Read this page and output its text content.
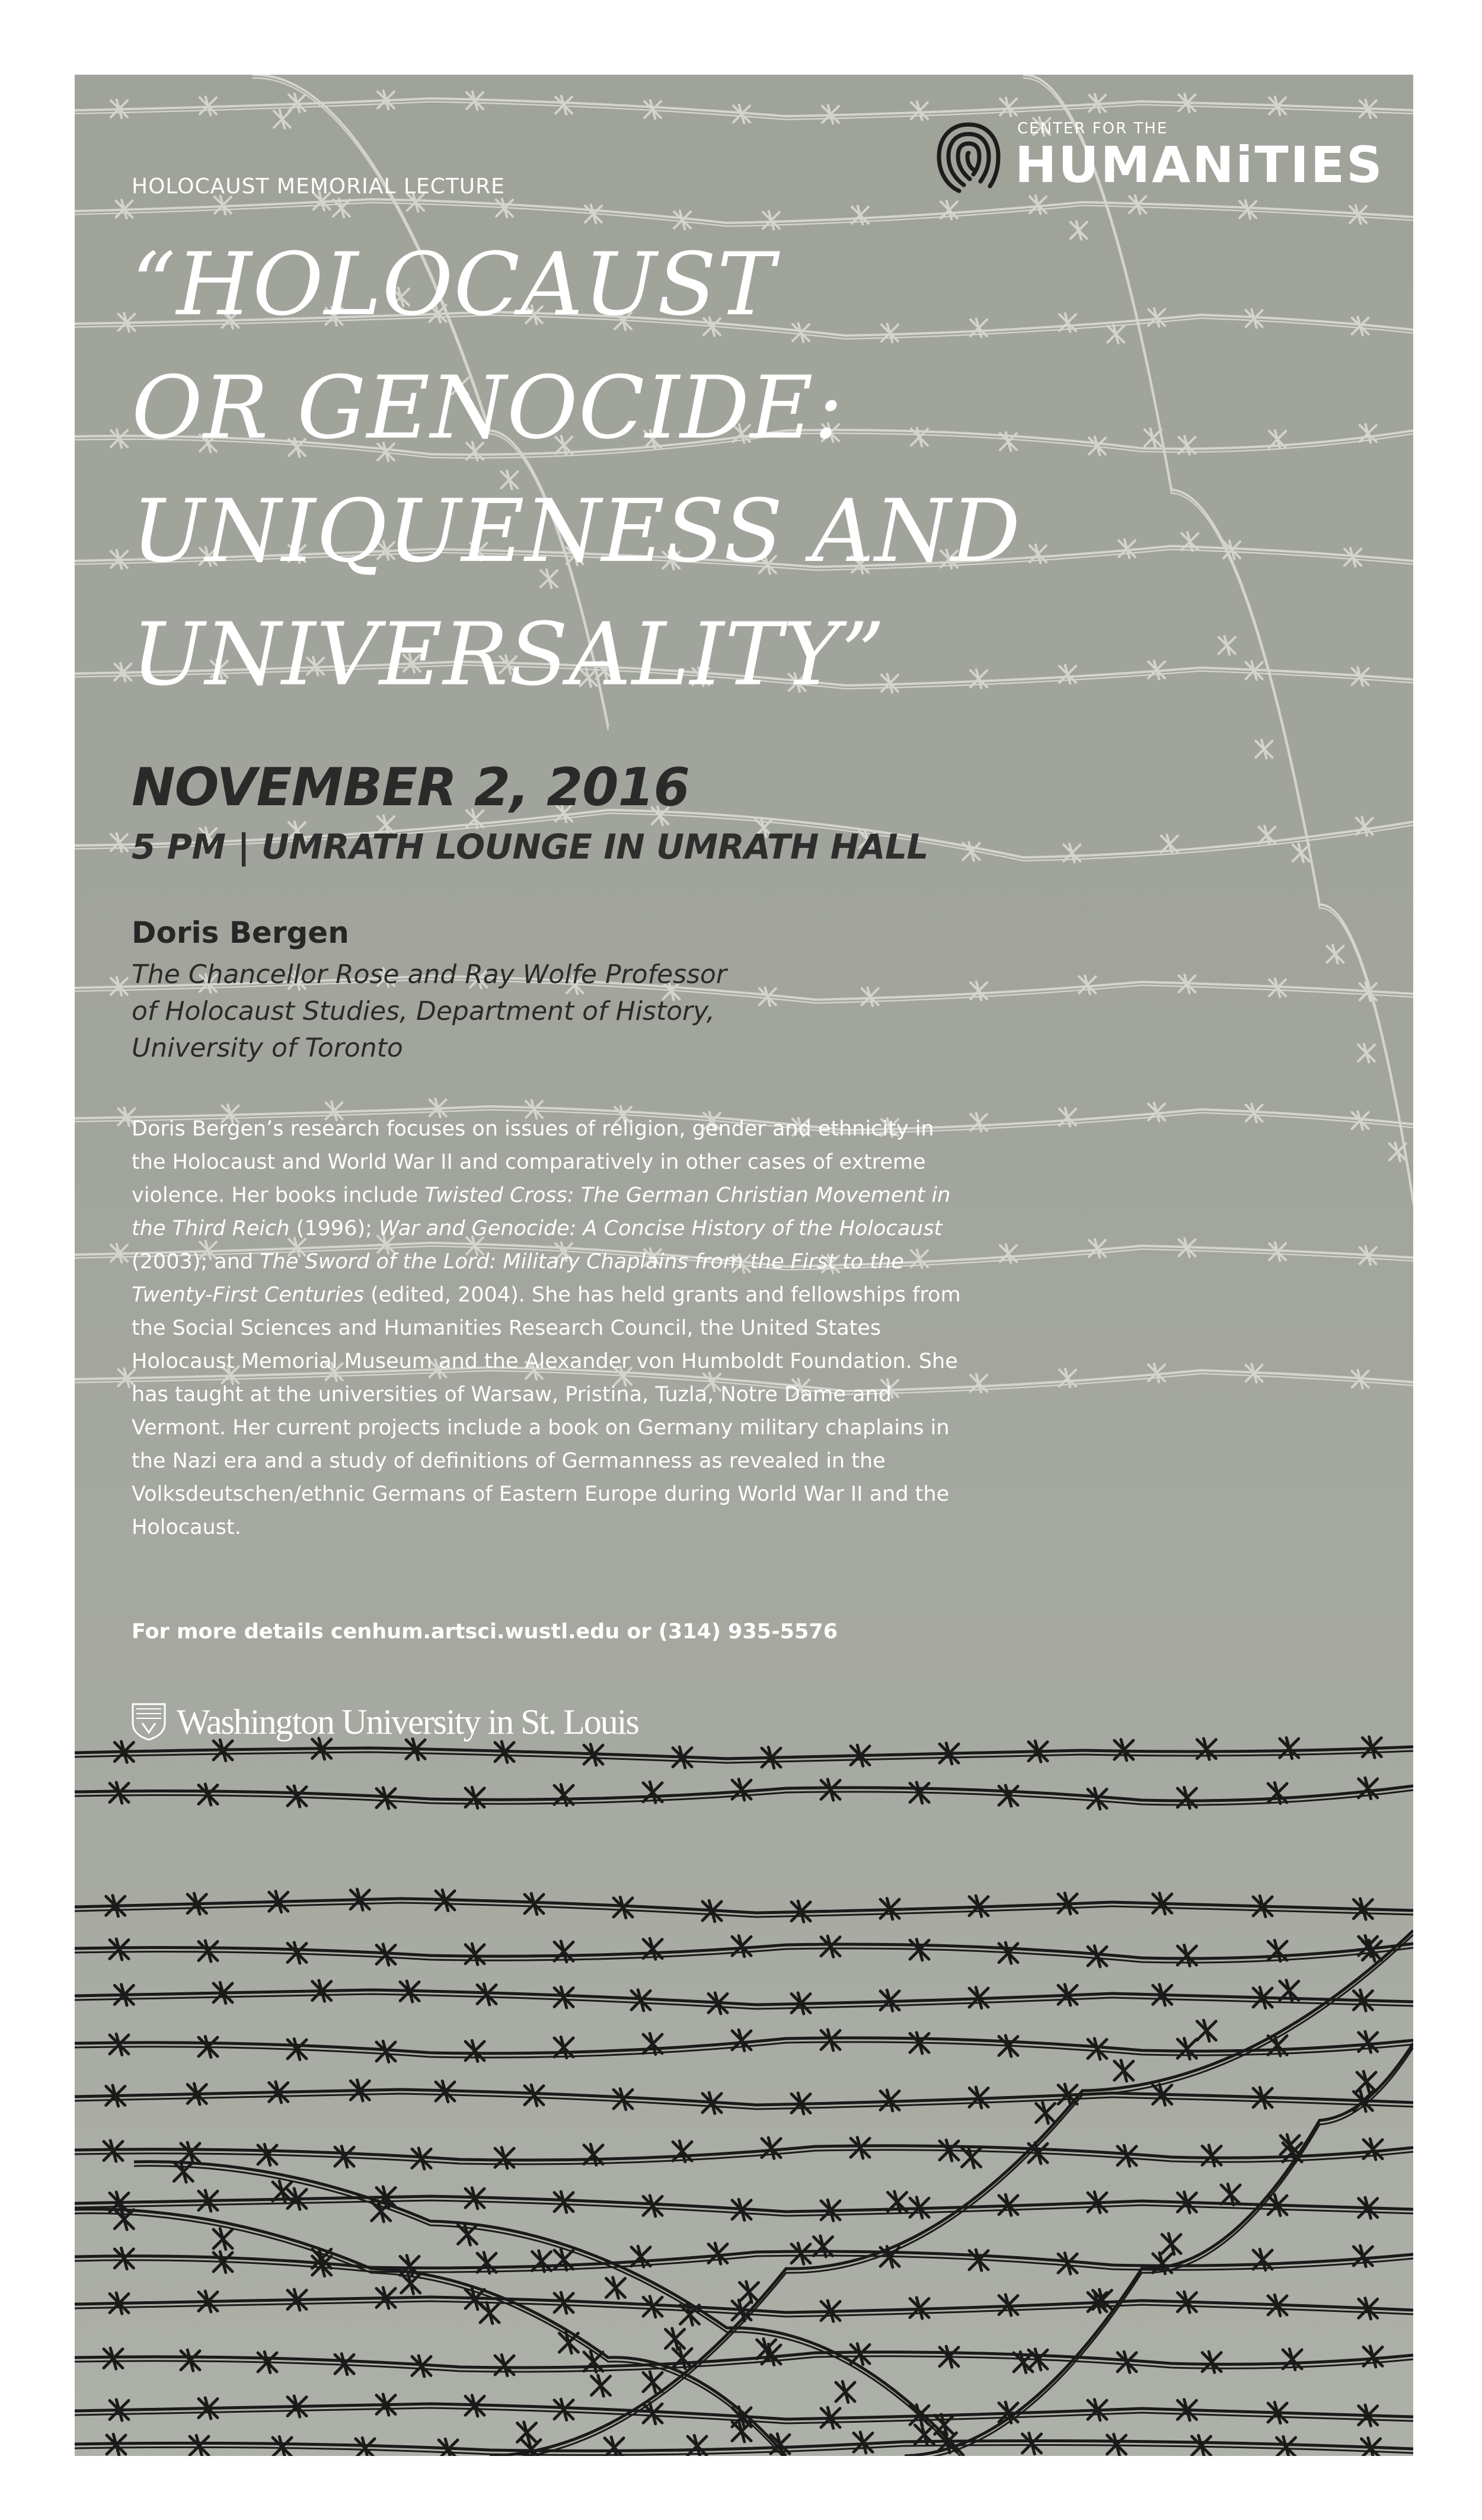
HOLOCAUST MEMORIAL LECTURE
CENTER FOR THE
HUMANiTIES
“HOLOCAUST
OR GENOCIDE:
UNIQUENESS AND
UNIVERSALITY”
NOVEMBER 2, 2016
5 PM | UMRATH LOUNGE IN UMRATH HALL
Doris Bergen
The Chancellor Rose and Ray Wolfe Professor
of Holocaust Studies, Department of History,
University of Toronto

Doris Bergen’s research focuses on issues of religion, gender and ethnicity in the Holocaust and World War II and comparatively in other cases of extreme violence. Her books include Twisted Cross: The German Christian Movement in the Third Reich (1996); War and Genocide: A Concise History of the Holocaust (2003); and The Sword of the Lord: Military Chaplains from the First to the Twenty-First Centuries (edited, 2004). She has held grants and fellowships from the Social Sciences and Humanities Research Council, the United States Holocaust Memorial Museum and the Alexander von Humboldt Foundation. She has taught at the universities of Warsaw, Pristina, Tuzla, Notre Dame and Vermont. Her current projects include a book on Germany military chaplains in the Nazi era and a study of definitions of Germanness as revealed in the Volksdeutschen/ethnic Germans of Eastern Europe during World War II and the Holocaust.

For more details cenhum.artsci.wustl.edu or (314) 935-5576
Washington University in St. Louis
